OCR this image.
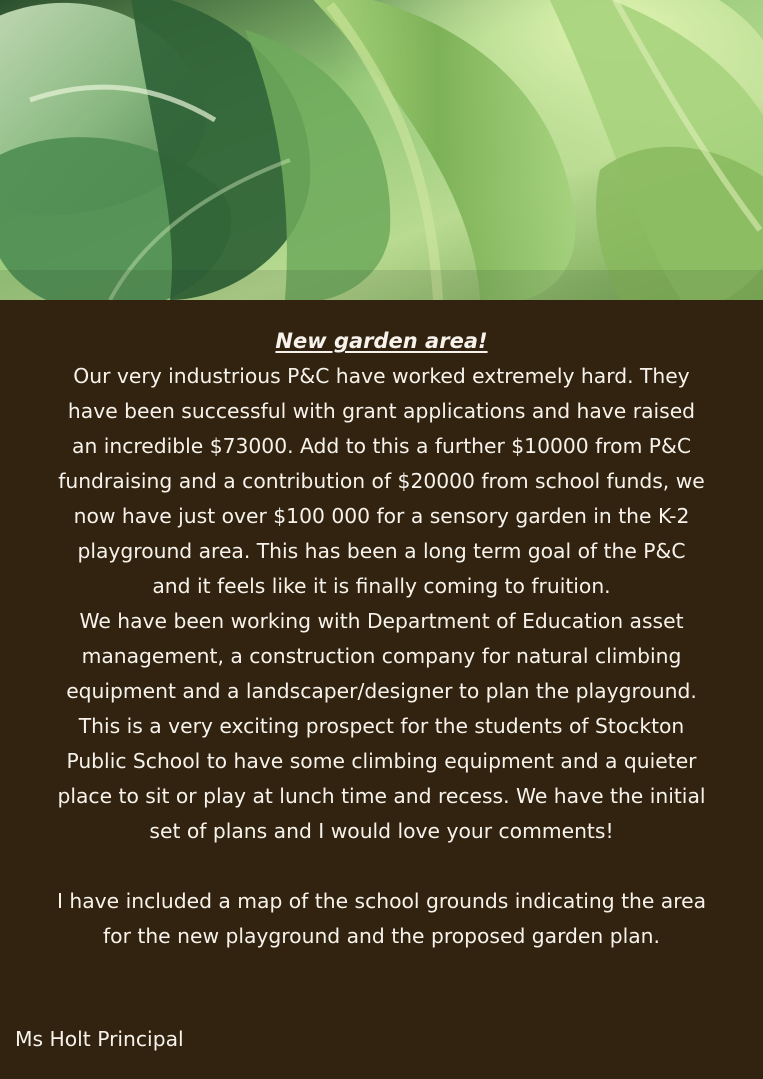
New garden area!

Our very industrious P&C have worked extremely hard. They
have been successful with grant applications and have raised
an incredible $73000. Add to this a further $10000 from P&C
fundraising and a contribution of $20000 from school funds, we
now have just over $100 000 for a sensory garden in the K-2
playground area. This has been a long term goal of the P&C
and it feels like it is finally coming to fruition.

We have been working with Department of Education asset
management, a construction company for natural climbing
equipment and a landscaper/designer to plan the playground.
This is a very exciting prospect for the students of Stockton
Public School to have some climbing equipment and a quieter
place to sit or play at lunch time and recess. We have the initial
set of plans and I would love your comments!

I have included a map of the school grounds indicating the area
for the new playground and the proposed garden plan.

Ms Holt Principal
